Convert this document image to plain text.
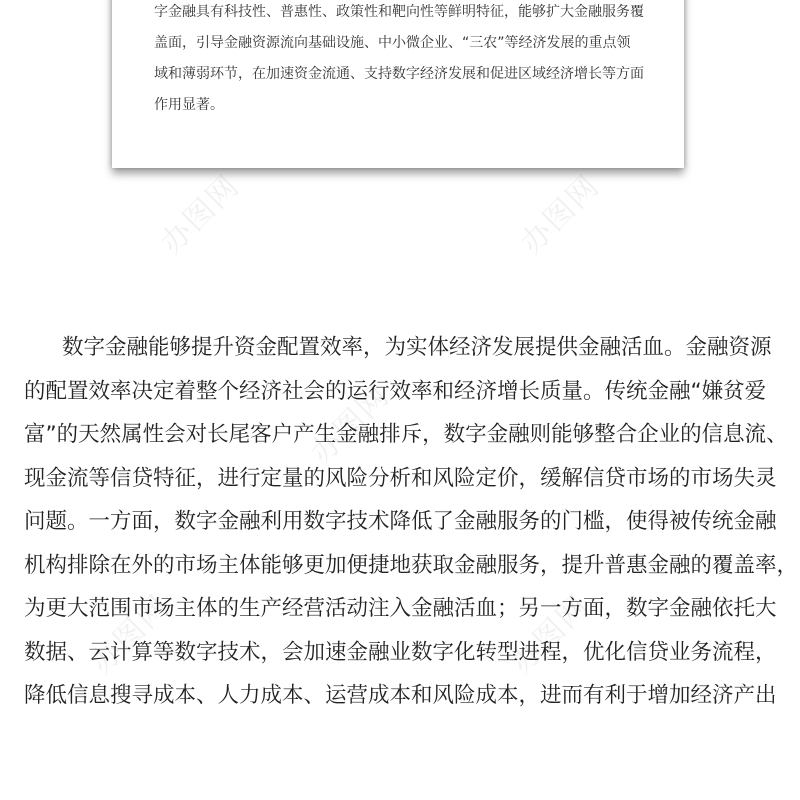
字金融具有科技性、普惠性、政策性和靶向性等鲜明特征，能够扩大金融服务覆
盖面，引导金融资源流向基础设施、中小微企业、“三农”等经济发展的重点领
域和薄弱环节，在加速资金流通、支持数字经济发展和促进区域经济增长等方面
作用显著。
办图网	办图网
办图网
办图网	办图网
数字金融能够提升资金配置效率，为实体经济发展提供金融活血。金融资源
的配置效率决定着整个经济社会的运行效率和经济增长质量。传统金融“嫌贫爱
富”的天然属性会对长尾客户产生金融排斥，数字金融则能够整合企业的信息流、
现金流等信贷特征，进行定量的风险分析和风险定价，缓解信贷市场的市场失灵
问题。一方面，数字金融利用数字技术降低了金融服务的门槛，使得被传统金融
机构排除在外的市场主体能够更加便捷地获取金融服务，提升普惠金融的覆盖率，
为更大范围市场主体的生产经营活动注入金融活血；另一方面，数字金融依托大
数据、云计算等数字技术，会加速金融业数字化转型进程，优化信贷业务流程，
降低信息搜寻成本、人力成本、运营成本和风险成本，进而有利于增加经济产出
